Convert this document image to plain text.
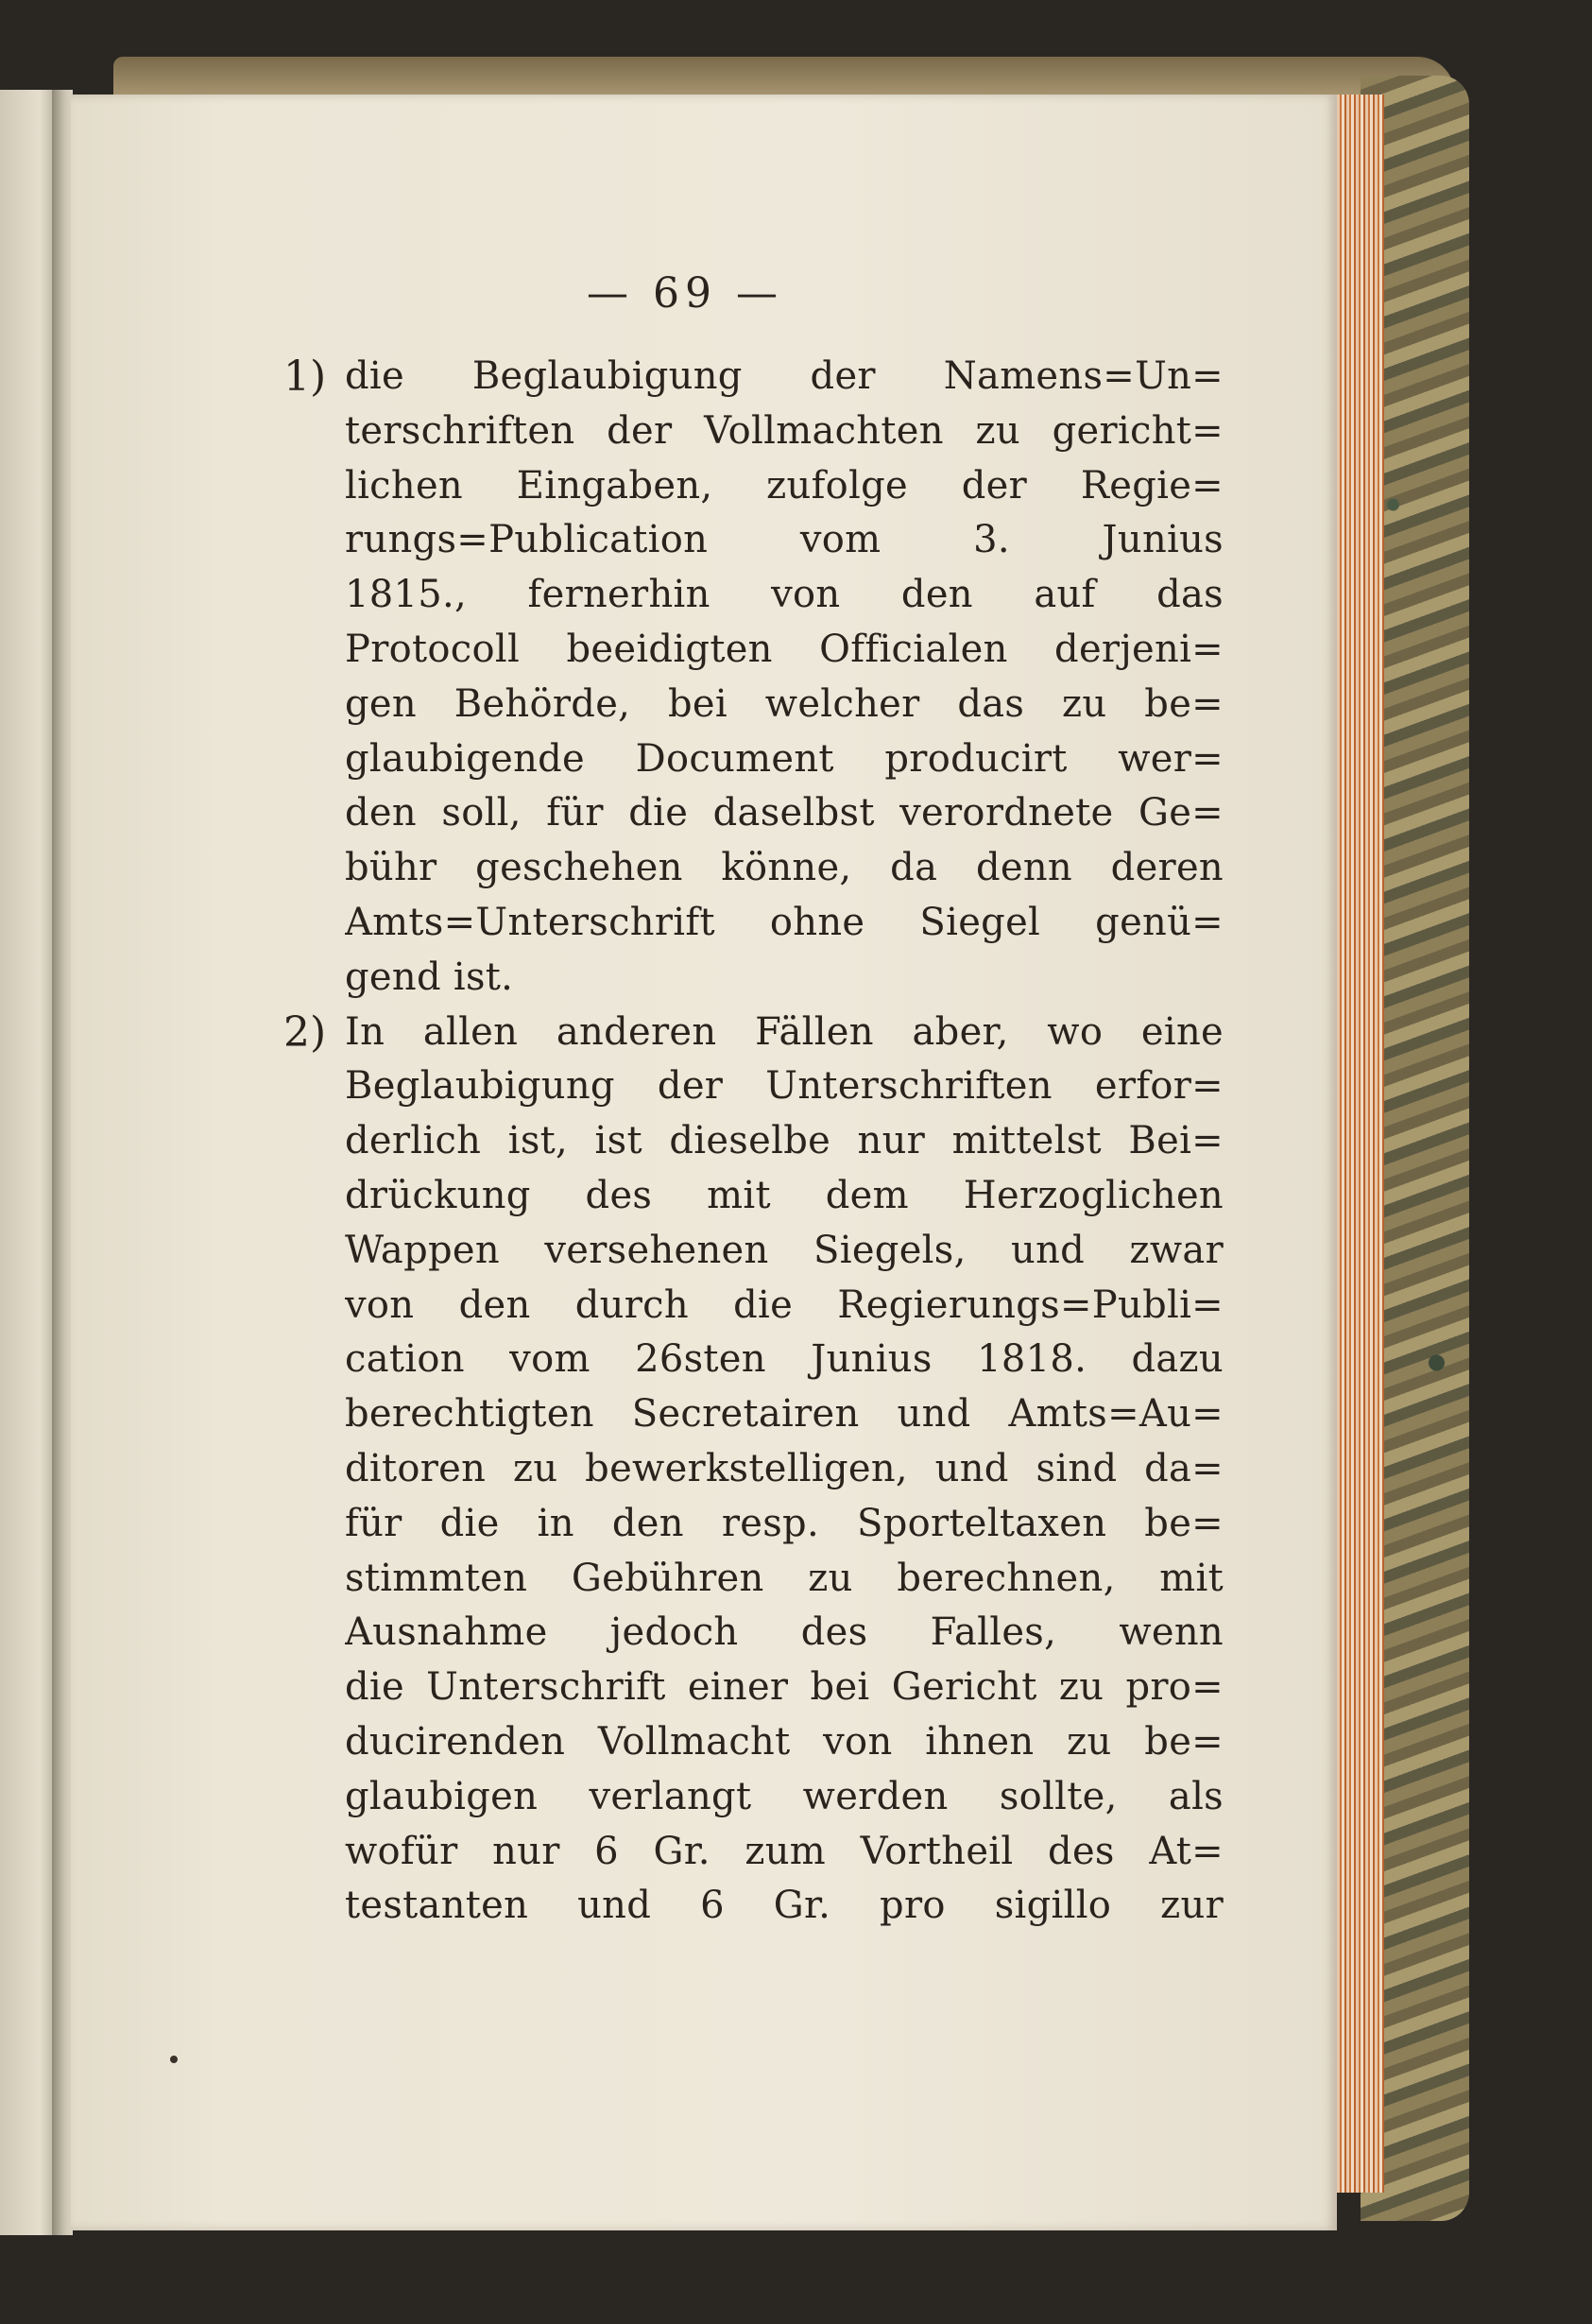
— 69 —
1) die Beglaubigung der Namens=Un=
terschriften der Vollmachten zu gericht=
lichen Eingaben, zufolge der Regie=
rungs=Publication vom 3. Junius
1815., fernerhin von den auf das
Protocoll beeidigten Officialen derjeni=
gen Behörde, bei welcher das zu be=
glaubigende Document producirt wer=
den soll, für die daselbst verordnete Ge=
bühr geschehen könne, da denn deren
Amts=Unterschrift ohne Siegel genü=
gend ist.

2) In allen anderen Fällen aber, wo eine
Beglaubigung der Unterschriften erfor=
derlich ist, ist dieselbe nur mittelst Bei=
drückung des mit dem Herzoglichen
Wappen versehenen Siegels, und zwar
von den durch die Regierungs=Publi=
cation vom 26sten Junius 1818. dazu
berechtigten Secretairen und Amts=Au=
ditoren zu bewerkstelligen, und sind da=
für die in den resp. Sporteltaxen be=
stimmten Gebühren zu berechnen, mit
Ausnahme jedoch des Falles, wenn
die Unterschrift einer bei Gericht zu pro=
ducirenden Vollmacht von ihnen zu be=
glaubigen verlangt werden sollte, als
wofür nur 6 Gr. zum Vortheil des At=
testanten und 6 Gr. pro sigillo zur
